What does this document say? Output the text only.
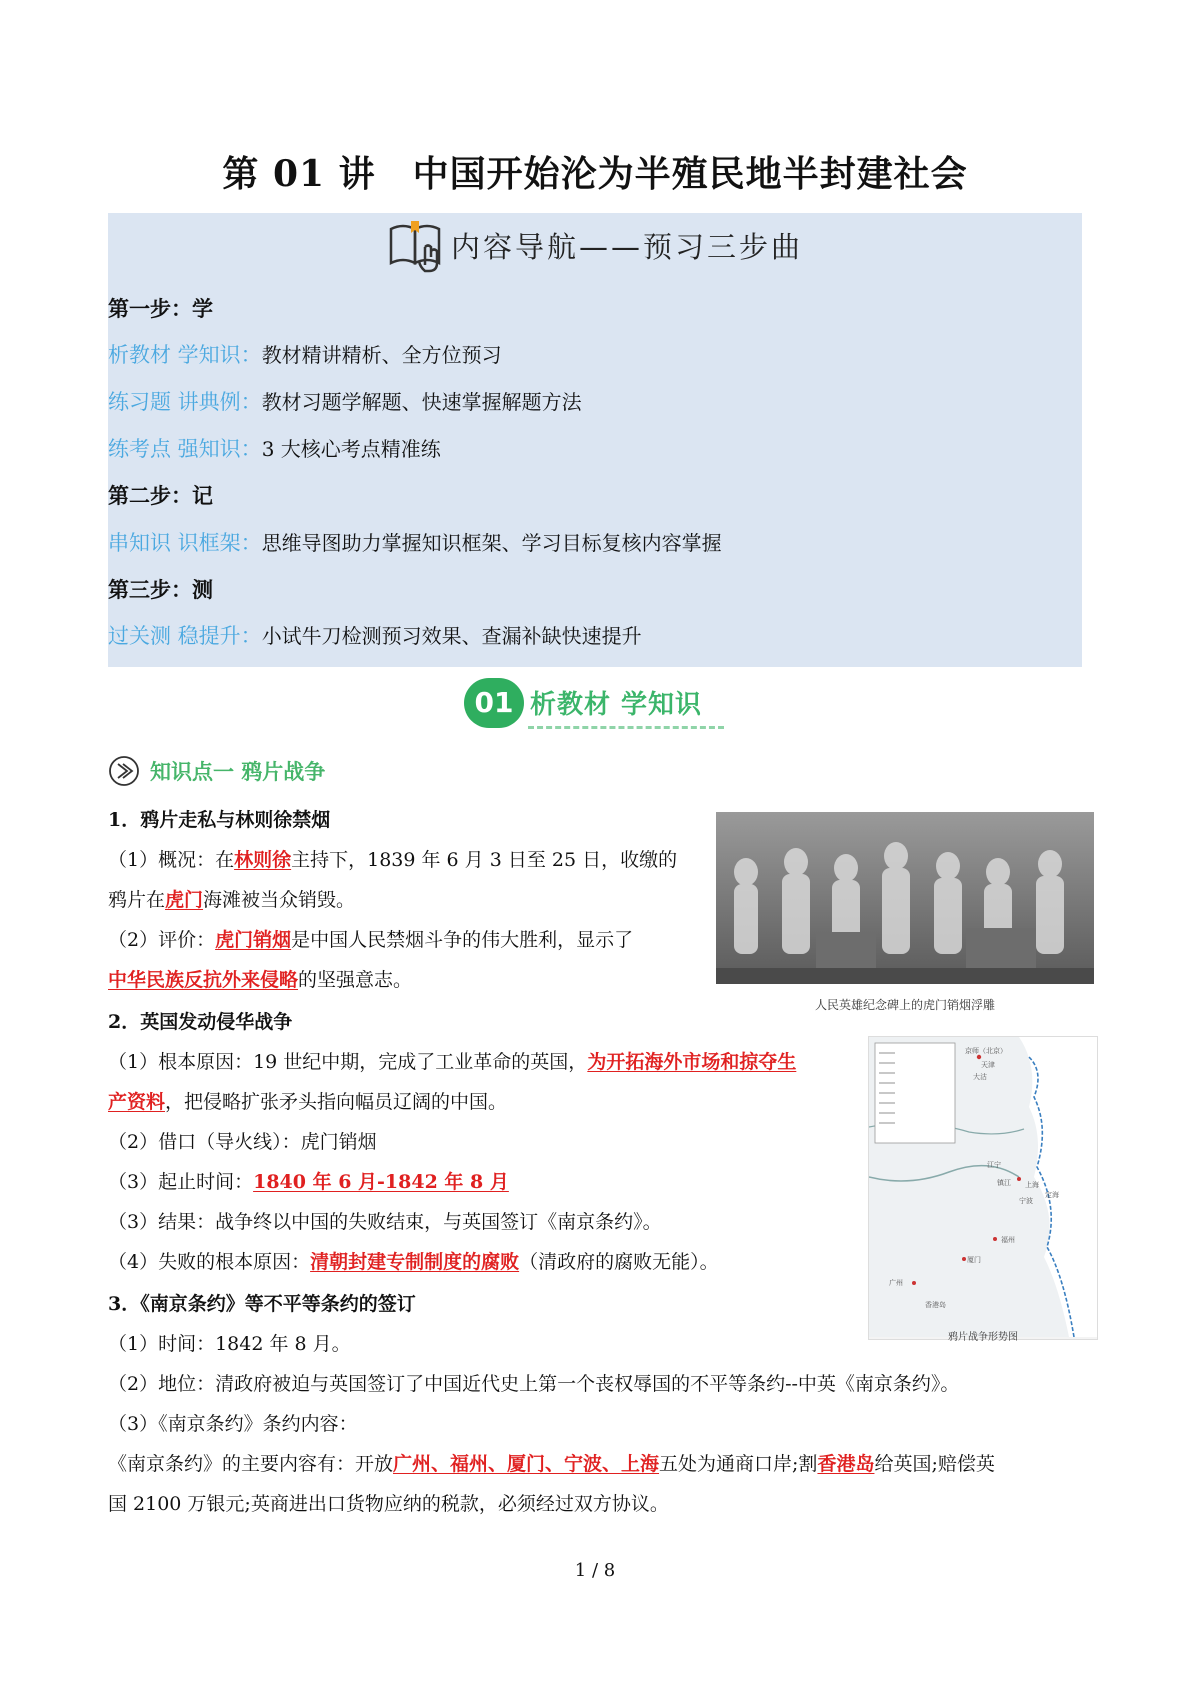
第 01 讲　中国开始沦为半殖民地半封建社会
内容导航——预习三步曲
第一步：学
析教材 学知识：教材精讲精析、全方位预习
练习题 讲典例：教材习题学解题、快速掌握解题方法
练考点 强知识：3 大核心考点精准练
第二步：记
串知识 识框架：思维导图助力掌握知识框架、学习目标复核内容掌握
第三步：测
过关测 稳提升：小试牛刀检测预习效果、查漏补缺快速提升
01 析教材 学知识
知识点一 鸦片战争
1．鸦片走私与林则徐禁烟
（1）概况：在林则徐主持下，1839 年 6 月 3 日至 25 日，收缴的
鸦片在虎门海滩被当众销毁。
（2）评价：虎门销烟是中国人民禁烟斗争的伟大胜利，显示了
中华民族反抗外来侵略的坚强意志。
2．英国发动侵华战争
（1）根本原因：19 世纪中期，完成了工业革命的英国，为开拓海外市场和掠夺生
产资料，把侵略扩张矛头指向幅员辽阔的中国。
（2）借口（导火线）：虎门销烟
（3）起止时间：1840 年 6 月-1842 年 8 月
（3）结果：战争终以中国的失败结束，与英国签订《南京条约》。
（4）失败的根本原因：清朝封建专制制度的腐败（清政府的腐败无能）。
3．《南京条约》等不平等条约的签订
（1）时间：1842 年 8 月。
（2）地位：清政府被迫与英国签订了中国近代史上第一个丧权辱国的不平等条约--中英《南京条约》。
（3）《南京条约》条约内容：
《南京条约》的主要内容有：开放广州、福州、厦门、宁波、上海五处为通商口岸;割香港岛给英国;赔偿英
国 2100 万银元;英商进出口货物应纳的税款，必须经过双方协议。
人民英雄纪念碑上的虎门销烟浮雕
京师（北京）
天津
大沽
江宁
镇江 上海
宁波
定海
福州
厦门
广州
香港岛
鸦片战争形势图
1 / 8
